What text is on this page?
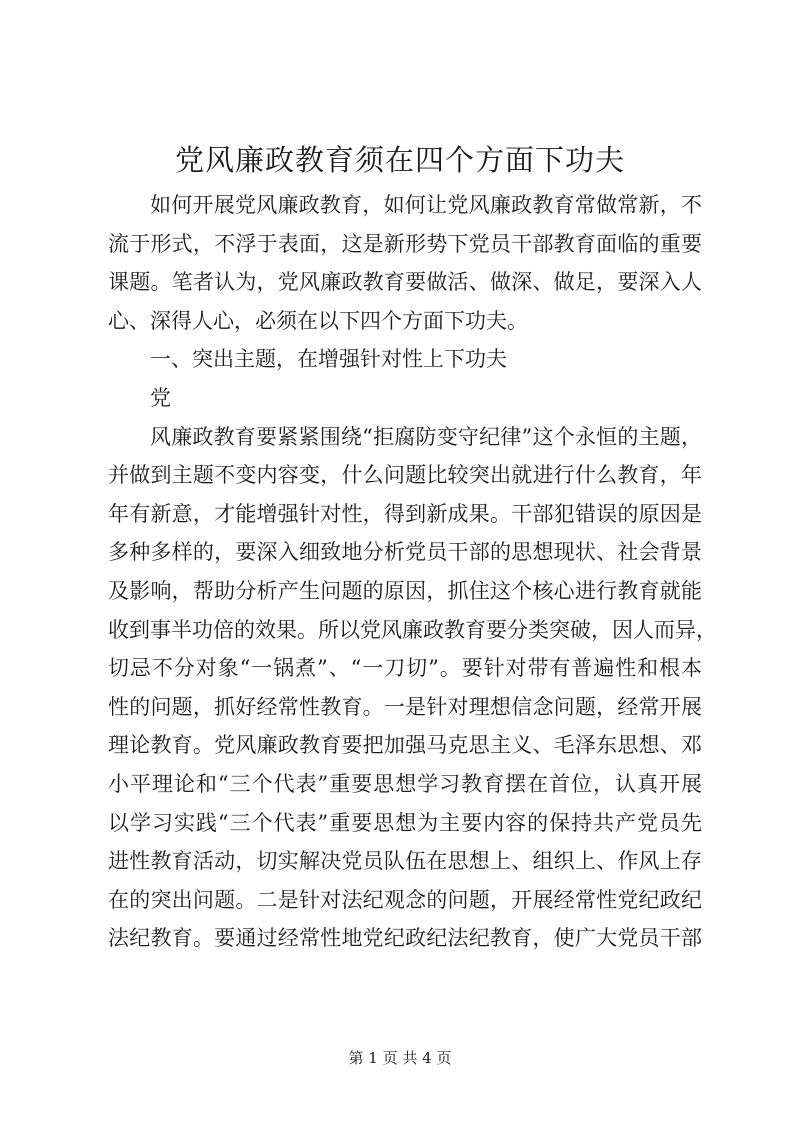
党风廉政教育须在四个方面下功夫
如何开展党风廉政教育，如何让党风廉政教育常做常新，不
流于形式，不浮于表面，这是新形势下党员干部教育面临的重要
课题。笔者认为，党风廉政教育要做活、做深、做足，要深入人
心、深得人心，必须在以下四个方面下功夫。
一、突出主题，在增强针对性上下功夫
党
风廉政教育要紧紧围绕“拒腐防变守纪律”这个永恒的主题，
并做到主题不变内容变，什么问题比较突出就进行什么教育，年
年有新意，才能增强针对性，得到新成果。干部犯错误的原因是
多种多样的，要深入细致地分析党员干部的思想现状、社会背景
及影响，帮助分析产生问题的原因，抓住这个核心进行教育就能
收到事半功倍的效果。所以党风廉政教育要分类突破，因人而异，
切忌不分对象“一锅煮”、“一刀切”。要针对带有普遍性和根本
性的问题，抓好经常性教育。一是针对理想信念问题，经常开展
理论教育。党风廉政教育要把加强马克思主义、毛泽东思想、邓
小平理论和“三个代表”重要思想学习教育摆在首位，认真开展
以学习实践“三个代表”重要思想为主要内容的保持共产党员先
进性教育活动，切实解决党员队伍在思想上、组织上、作风上存
在的突出问题。二是针对法纪观念的问题，开展经常性党纪政纪
法纪教育。要通过经常性地党纪政纪法纪教育，使广大党员干部
第 1 页 共 4 页
